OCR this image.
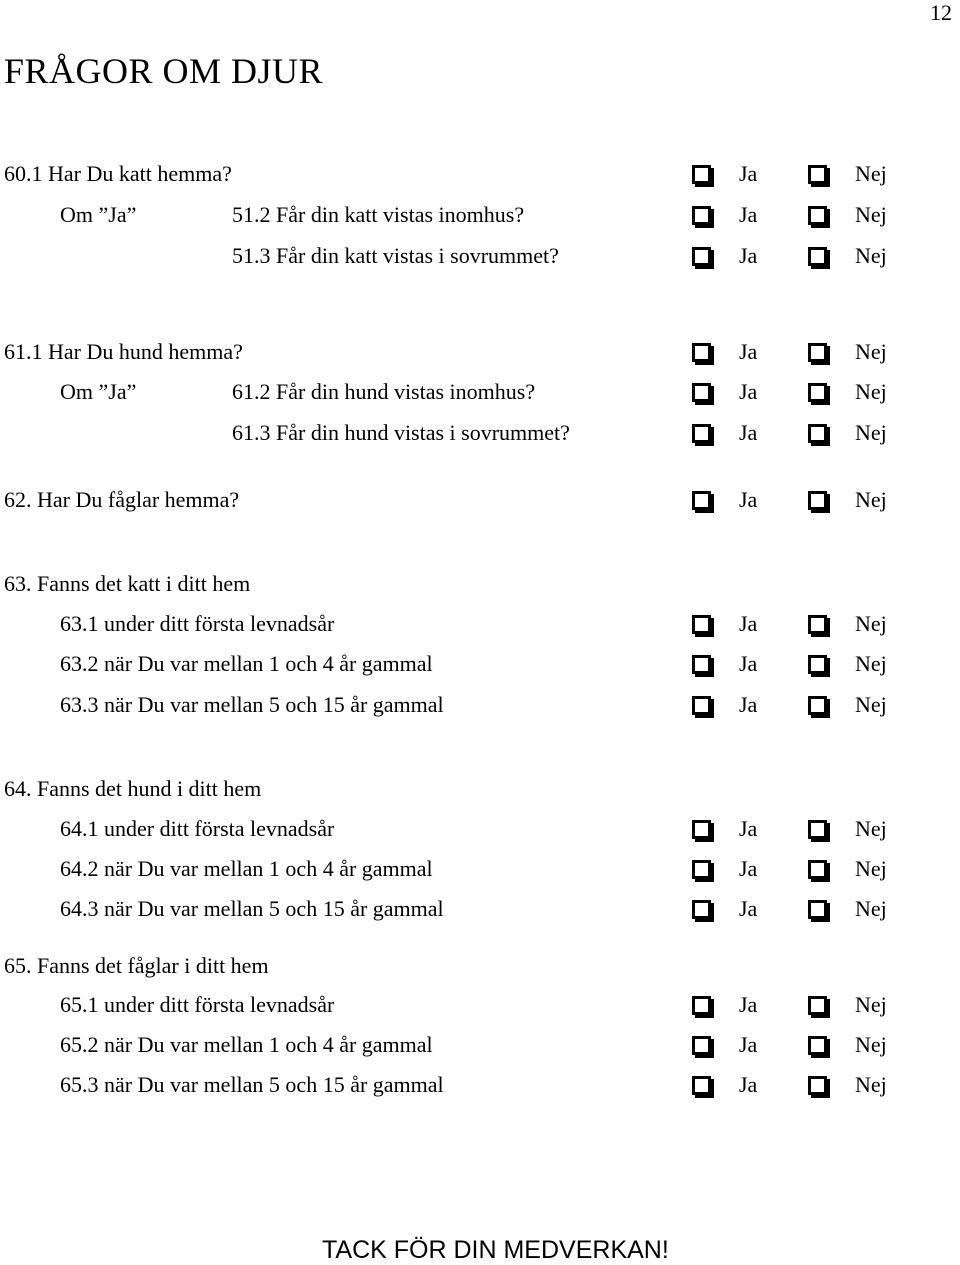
12
FRÅGOR OM DJUR
60.1 Har Du katt hemma?	Ja	Nej
Om ”Ja”	51.2 Får din katt vistas inomhus?	Ja	Nej
51.3 Får din katt vistas i sovrummet?	Ja	Nej
61.1 Har Du hund hemma?	Ja	Nej
Om ”Ja”	61.2 Får din hund vistas inomhus?	Ja	Nej
61.3 Får din hund vistas i sovrummet?	Ja	Nej
62. Har Du fåglar hemma?	Ja	Nej
63. Fanns det katt i ditt hem
63.1 under ditt första levnadsår	Ja	Nej
63.2 när Du var mellan 1 och 4 år gammal	Ja	Nej
63.3 när Du var mellan 5 och 15 år gammal	Ja	Nej
64. Fanns det hund i ditt hem
64.1 under ditt första levnadsår	Ja	Nej
64.2 när Du var mellan 1 och 4 år gammal	Ja	Nej
64.3 när Du var mellan 5 och 15 år gammal	Ja	Nej
65. Fanns det fåglar i ditt hem
65.1 under ditt första levnadsår	Ja	Nej
65.2 när Du var mellan 1 och 4 år gammal	Ja	Nej
65.3 när Du var mellan 5 och 15 år gammal	Ja	Nej
TACK FÖR DIN MEDVERKAN!
